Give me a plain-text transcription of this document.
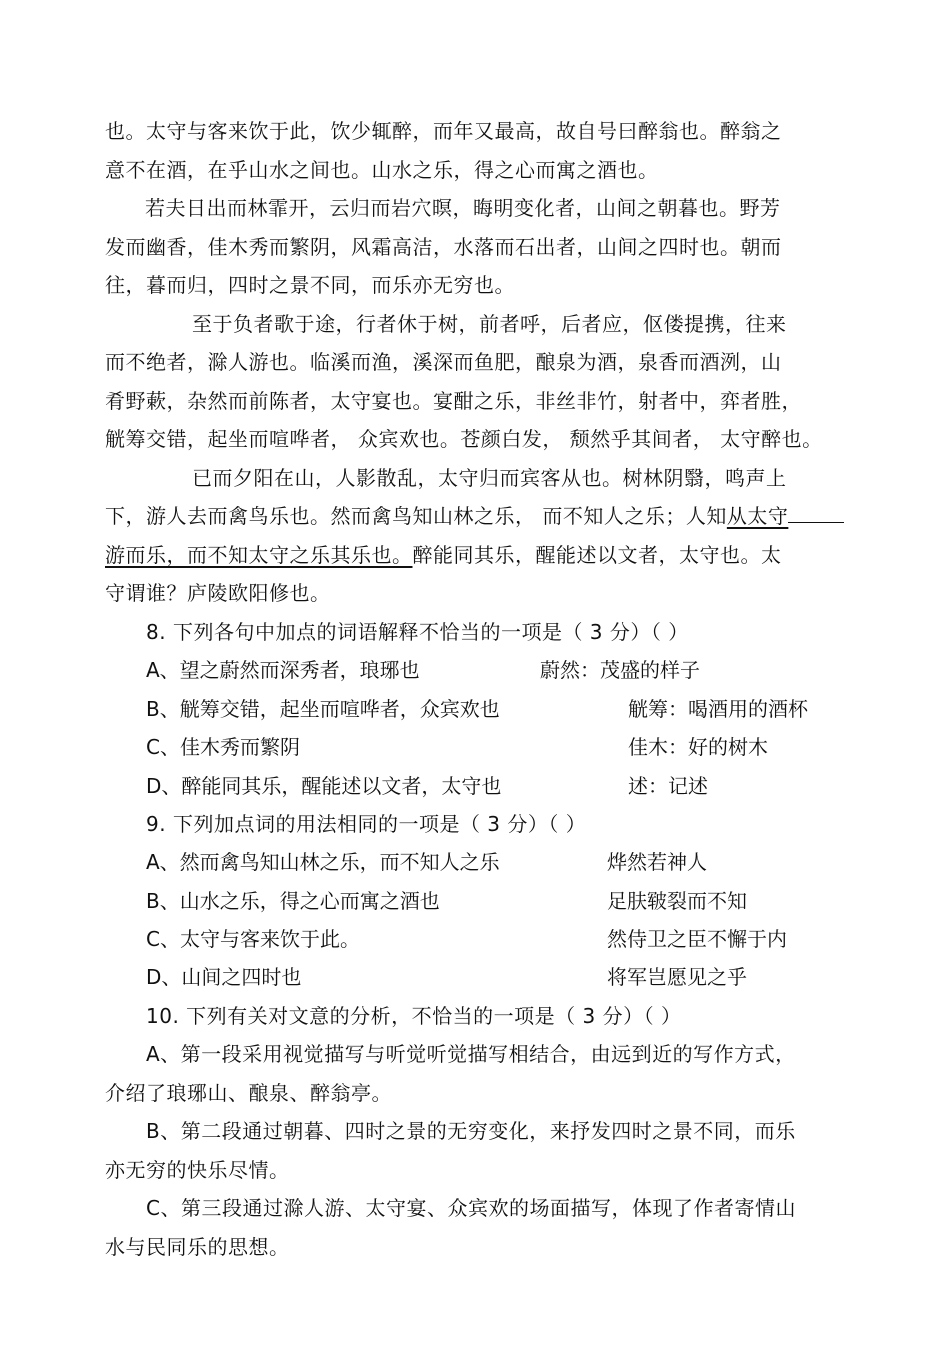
也。太守与客来饮于此，饮少辄醉，而年又最高，故自号曰醉翁也。醉翁之
意不在酒，在乎山水之间也。山水之乐，得之心而寓之酒也。
若夫日出而林霏开，云归而岩穴暝，晦明变化者，山间之朝暮也。野芳
发而幽香，佳木秀而繁阴，风霜高洁，水落而石出者，山间之四时也。朝而
往，暮而归，四时之景不同，而乐亦无穷也。
至于负者歌于途，行者休于树，前者呼，后者应，伛偻提携，往来
而不绝者，滁人游也。临溪而渔，溪深而鱼肥，酿泉为酒，泉香而酒洌，山
肴野蔌，杂然而前陈者，太守宴也。宴酣之乐，非丝非竹，射者中，弈者胜，
觥筹交错，起坐而喧哗者， 众宾欢也。苍颜白发， 颓然乎其间者， 太守醉也。
已而夕阳在山，人影散乱，太守归而宾客从也。树林阴翳，鸣声上
下，游人去而禽鸟乐也。然而禽鸟知山林之乐， 而不知人之乐；人知从太守
游而乐，而不知太守之乐其乐也。醉能同其乐，醒能述以文者，太守也。太
守谓谁？庐陵欧阳修也。
8. 下列各句中加点的词语解释不恰当的一项是（ 3 分）（ ）
A、望之蔚然而深秀者，琅琊也	蔚然：茂盛的样子
B、觥筹交错，起坐而喧哗者，众宾欢也	觥筹：喝酒用的酒杯
C、佳木秀而繁阴	佳木：好的树木
D、醉能同其乐，醒能述以文者，太守也	述：记述
9. 下列加点词的用法相同的一项是（ 3 分）（ ）
A、然而禽鸟知山林之乐，而不知人之乐	烨然若神人
B、山水之乐，得之心而寓之酒也	足肤皲裂而不知
C、太守与客来饮于此。	然侍卫之臣不懈于内
D、山间之四时也	将军岂愿见之乎
10. 下列有关对文意的分析，不恰当的一项是（ 3 分）（ ）
A、第一段采用视觉描写与听觉听觉描写相结合，由远到近的写作方式，
介绍了琅琊山、酿泉、醉翁亭。
B、第二段通过朝暮、四时之景的无穷变化，来抒发四时之景不同，而乐
亦无穷的快乐尽情。
C、第三段通过滁人游、太守宴、众宾欢的场面描写，体现了作者寄情山
水与民同乐的思想。
